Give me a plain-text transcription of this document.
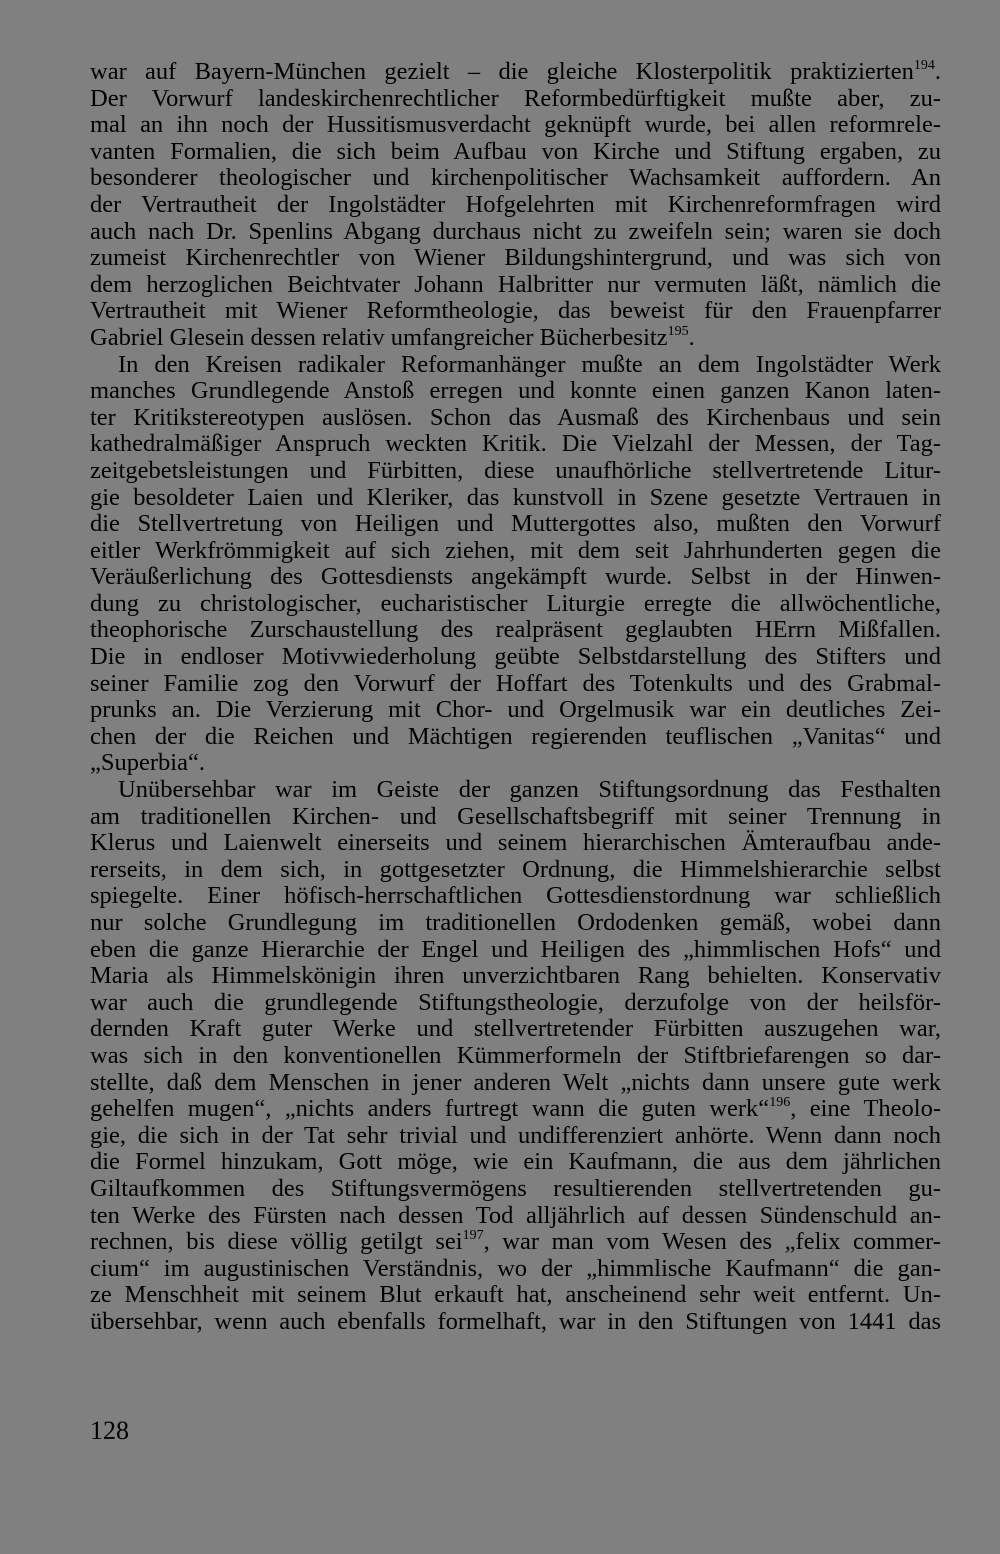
war auf Bayern-München gezielt – die gleiche Klosterpolitik praktizierten$^{194}$.
Der Vorwurf landeskirchenrechtlicher Reformbedürftigkeit mußte aber, zu-
mal an ihn noch der Hussitismusverdacht geknüpft wurde, bei allen reformrele-
vanten Formalien, die sich beim Aufbau von Kirche und Stiftung ergaben, zu
besonderer theologischer und kirchenpolitischer Wachsamkeit auffordern. An
der Vertrautheit der Ingolstädter Hofgelehrten mit Kirchenreformfragen wird
auch nach Dr. Spenlins Abgang durchaus nicht zu zweifeln sein; waren sie doch
zumeist Kirchenrechtler von Wiener Bildungshintergrund, und was sich von
dem herzoglichen Beichtvater Johann Halbritter nur vermuten läßt, nämlich die
Vertrautheit mit Wiener Reformtheologie, das beweist für den Frauenpfarrer
Gabriel Glesein dessen relativ umfangreicher Bücherbesitz$^{195}$.
In den Kreisen radikaler Reformanhänger mußte an dem Ingolstädter Werk
manches Grundlegende Anstoß erregen und konnte einen ganzen Kanon laten-
ter Kritikstereotypen auslösen. Schon das Ausmaß des Kirchenbaus und sein
kathedralmäßiger Anspruch weckten Kritik. Die Vielzahl der Messen, der Tag-
zeitgebetsleistungen und Fürbitten, diese unaufhörliche stellvertretende Litur-
gie besoldeter Laien und Kleriker, das kunstvoll in Szene gesetzte Vertrauen in
die Stellvertretung von Heiligen und Muttergottes also, mußten den Vorwurf
eitler Werkfrömmigkeit auf sich ziehen, mit dem seit Jahrhunderten gegen die
Veräußerlichung des Gottesdiensts angekämpft wurde. Selbst in der Hinwen-
dung zu christologischer, eucharistischer Liturgie erregte die allwöchentliche,
theophorische Zurschaustellung des realpräsent geglaubten HErrn Mißfallen.
Die in endloser Motivwiederholung geübte Selbstdarstellung des Stifters und
seiner Familie zog den Vorwurf der Hoffart des Totenkults und des Grabmal-
prunks an. Die Verzierung mit Chor- und Orgelmusik war ein deutliches Zei-
chen der die Reichen und Mächtigen regierenden teuflischen „Vanitas“ und
„Superbia“.
Unübersehbar war im Geiste der ganzen Stiftungsordnung das Festhalten
am traditionellen Kirchen- und Gesellschaftsbegriff mit seiner Trennung in
Klerus und Laienwelt einerseits und seinem hierarchischen Ämteraufbau ande-
rerseits, in dem sich, in gottgesetzter Ordnung, die Himmelshierarchie selbst
spiegelte. Einer höfisch-herrschaftlichen Gottesdienstordnung war schließlich
nur solche Grundlegung im traditionellen Ordodenken gemäß, wobei dann
eben die ganze Hierarchie der Engel und Heiligen des „himmlischen Hofs“ und
Maria als Himmelskönigin ihren unverzichtbaren Rang behielten. Konservativ
war auch die grundlegende Stiftungstheologie, derzufolge von der heilsför-
dernden Kraft guter Werke und stellvertretender Fürbitten auszugehen war,
was sich in den konventionellen Kümmerformeln der Stiftbriefarengen so dar-
stellte, daß dem Menschen in jener anderen Welt „nichts dann unsere gute werk
gehelfen mugen“, „nichts anders furtregt wann die guten werk“$^{196}$, eine Theolo-
gie, die sich in der Tat sehr trivial und undifferenziert anhörte. Wenn dann noch
die Formel hinzukam, Gott möge, wie ein Kaufmann, die aus dem jährlichen
Giltaufkommen des Stiftungsvermögens resultierenden stellvertretenden gu-
ten Werke des Fürsten nach dessen Tod alljährlich auf dessen Sündenschuld an-
rechnen, bis diese völlig getilgt sei$^{197}$, war man vom Wesen des „felix commer-
cium“ im augustinischen Verständnis, wo der „himmlische Kaufmann“ die gan-
ze Menschheit mit seinem Blut erkauft hat, anscheinend sehr weit entfernt. Un-
übersehbar, wenn auch ebenfalls formelhaft, war in den Stiftungen von 1441 das
128
